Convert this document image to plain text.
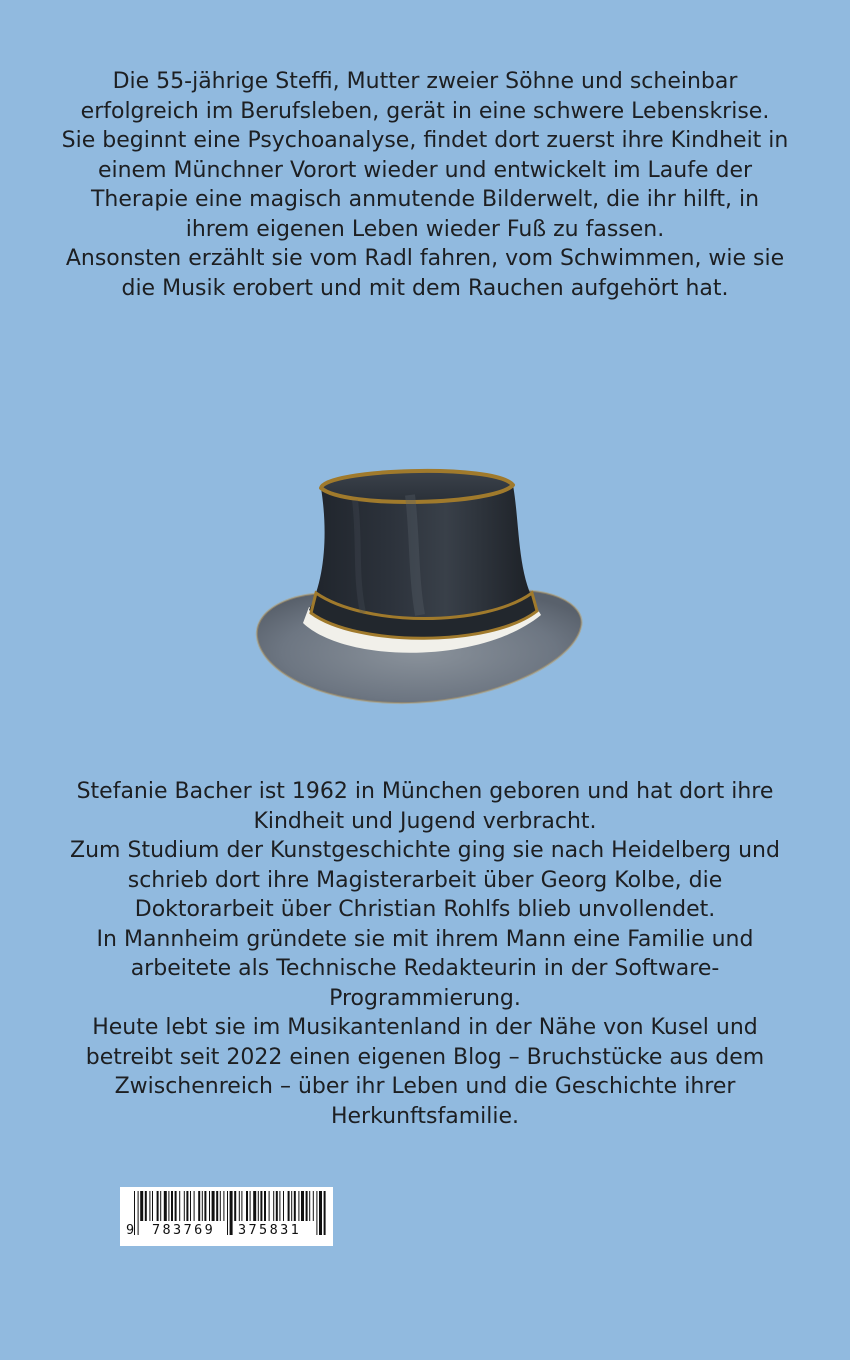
Die 55-jährige Steffi, Mutter zweier Söhne und scheinbar erfolgreich im Berufsleben, gerät in eine schwere Lebenskrise.

Sie beginnt eine Psychoanalyse, findet dort zuerst ihre Kindheit in einem Münchner Vorort wieder und entwickelt im Laufe der Therapie eine magisch anmutende Bilderwelt, die ihr hilft, in ihrem eigenen Leben wieder Fuß zu fassen.

Ansonsten erzählt sie vom Radl fahren, vom Schwimmen, wie sie die Musik erobert und mit dem Rauchen aufgehört hat.

Stefanie Bacher ist 1962 in München geboren und hat dort ihre Kindheit und Jugend verbracht.

Zum Studium der Kunstgeschichte ging sie nach Heidelberg und schrieb dort ihre Magisterarbeit über Georg Kolbe, die Doktorarbeit über Christian Rohlfs blieb unvollendet.

In Mannheim gründete sie mit ihrem Mann eine Familie und arbeitete als Technische Redakteurin in der Software-Programmierung.

Heute lebt sie im Musikantenland in der Nähe von Kusel und betreibt seit 2022 einen eigenen Blog – Bruchstücke aus dem Zwischenreich – über ihr Leben und die Geschichte ihrer Herkunftsfamilie.

9 783769 375831
